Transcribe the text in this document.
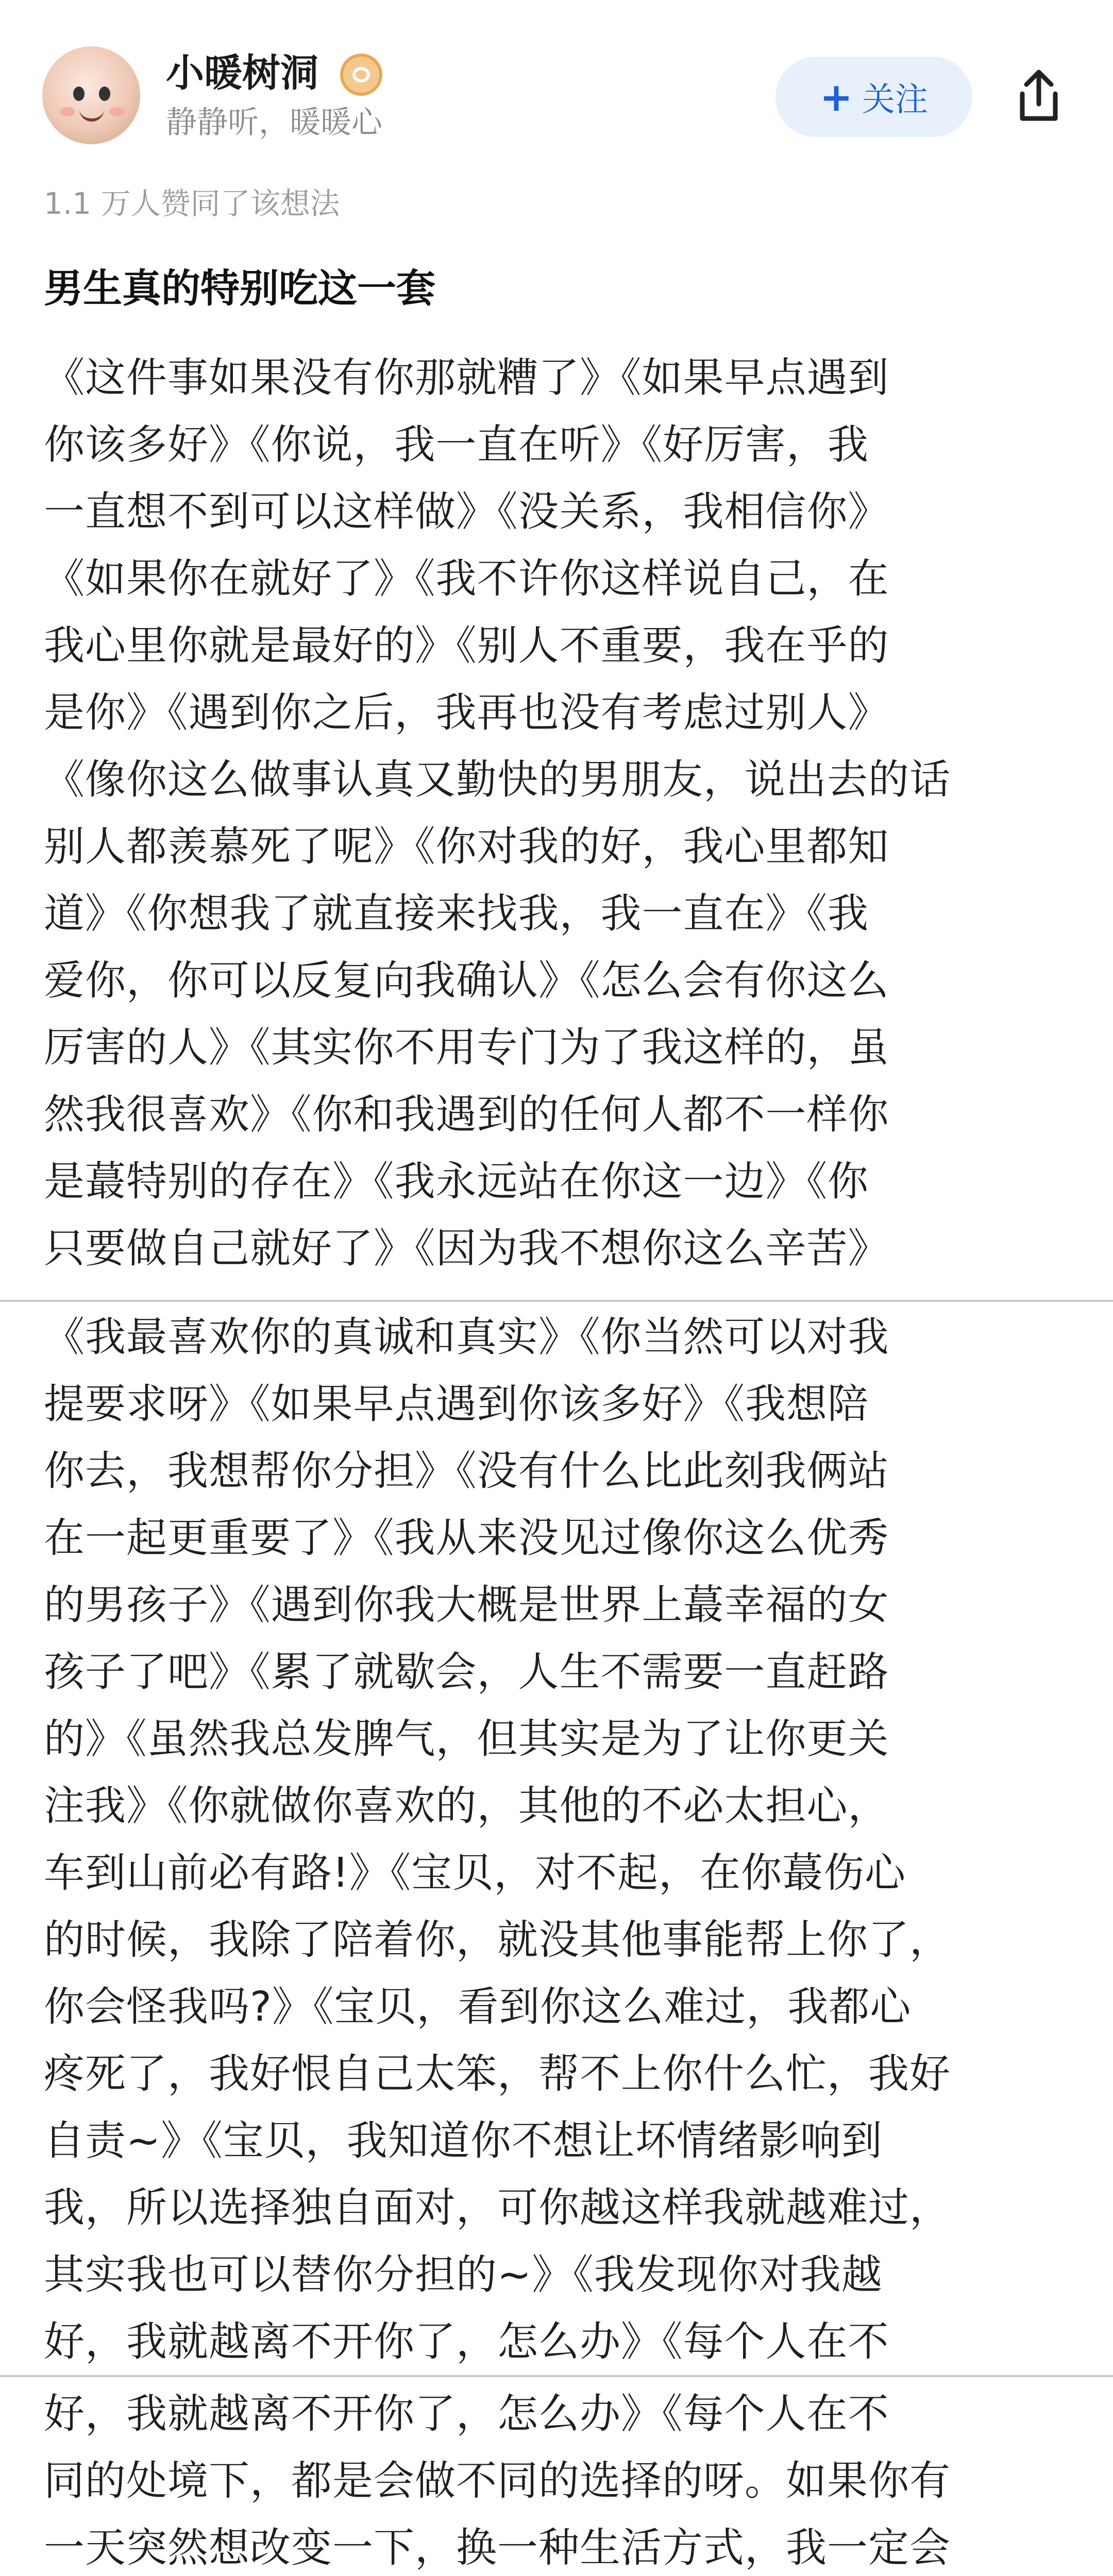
小暖树洞
静静听，暖暖心
+ 关注
1.1 万人赞同了该想法
男生真的特别吃这一套

《这件事如果没有你那就糟了》《如果早点遇到
你该多好》《你说，我一直在听》《好厉害，我
一直想不到可以这样做》《没关系，我相信你》
《如果你在就好了》《我不许你这样说自己，在
我心里你就是最好的》《别人不重要，我在乎的
是你》《遇到你之后，我再也没有考虑过别人》
《像你这么做事认真又勤快的男朋友，说出去的话
别人都羡慕死了呢》《你对我的好，我心里都知
道》《你想我了就直接来找我，我一直在》《我
爱你，你可以反复向我确认》《怎么会有你这么
厉害的人》《其实你不用专门为了我这样的，虽
然我很喜欢》《你和我遇到的任何人都不一样你
是蕞特别的存在》《我永远站在你这一边》《你
只要做自己就好了》《因为我不想你这么辛苦》

《我最喜欢你的真诚和真实》《你当然可以对我
提要求呀》《如果早点遇到你该多好》《我想陪
你去，我想帮你分担》《没有什么比此刻我俩站
在一起更重要了》《我从来没见过像你这么优秀
的男孩子》《遇到你我大概是世界上蕞幸福的女
孩子了吧》《累了就歇会，人生不需要一直赶路
的》《虽然我总发脾气，但其实是为了让你更关
注我》《你就做你喜欢的，其他的不必太担心，
车到山前必有路!》《宝贝，对不起，在你蕞伤心
的时候，我除了陪着你，就没其他事能帮上你了，
你会怪我吗?》《宝贝，看到你这么难过，我都心
疼死了，我好恨自己太笨，帮不上你什么忙，我好
自责~》《宝贝，我知道你不想让坏情绪影响到
我，所以选择独自面对，可你越这样我就越难过，
其实我也可以替你分担的~》《我发现你对我越
好，我就越离不开你了，怎么办》《每个人在不

好，我就越离不开你了，怎么办》《每个人在不
同的处境下，都是会做不同的选择的呀。如果你有
一天突然想改变一下，换一种生活方式，我一定会
